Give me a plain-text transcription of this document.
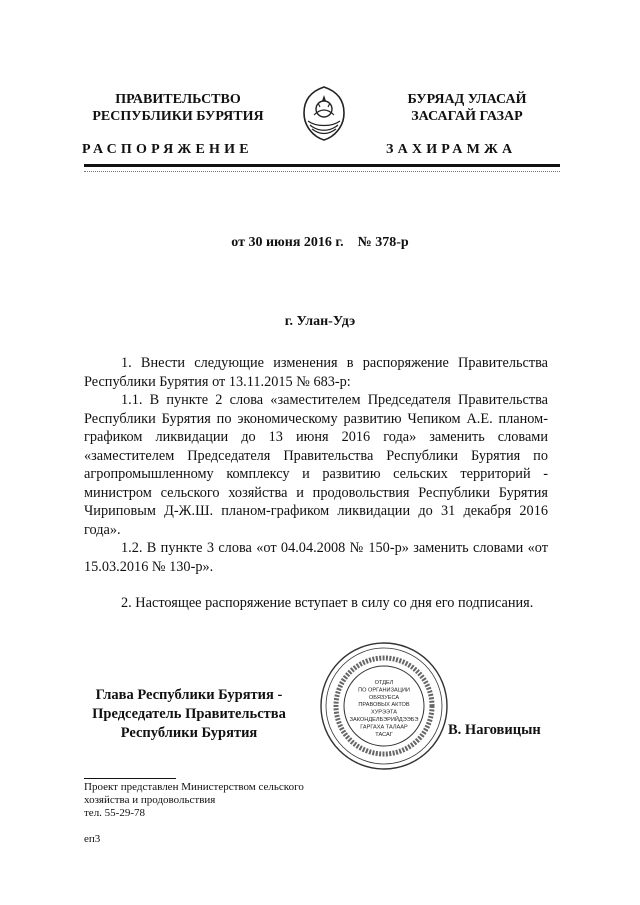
ПРАВИТЕЛЬСТВО
РЕСПУБЛИКИ БУРЯТИЯ
РАСПОРЯЖЕНИЕ
БУРЯАД УЛАСАЙ
ЗАСАГАЙ ГАЗАР
ЗАХИРАМЖА
от 30 июня 2016 г.    № 378-р
г. Улан-Удэ

1. Внести следующие изменения в распоряжение Правительства Республики Бурятия от 13.11.2015 № 683-р:

1.1. В пункте 2 слова «заместителем Председателя Правительства Республики Бурятия по экономическому развитию Чепиком А.Е. планом-графиком ликвидации до 13 июня 2016 года» заменить словами «заместителем Председателя Правительства Республики Бурятия по агропромышленному комплексу и развитию сельских территорий - министром сельского хозяйства и продовольствия Республики Бурятия Чириповым Д-Ж.Ш. планом-графиком ликвидации до 31 декабря 2016 года».

1.2. В пункте 3 слова «от 04.04.2008 № 150-р» заменить словами «от 15.03.2016 № 130-р».

2. Настоящее распоряжение вступает в силу со дня его подписания.

Глава Республики Бурятия -
Председатель Правительства
Республики Бурятия
ОТДЕЛ
ПО ОРГАНИЗАЦИИ
ОБЯЗУЕСА
ПРАВОВЫХ АКТОВ
ХУРЭЭТА
ЗАКОНДЕЛБЭРИЙДЭЭБЭ
ГАРГАХА ТАЛААР
ТАСАГ	В. Наговицын
Проект представлен Министерством сельского
хозяйства и продовольствия
тел. 55-29-78
еп3
